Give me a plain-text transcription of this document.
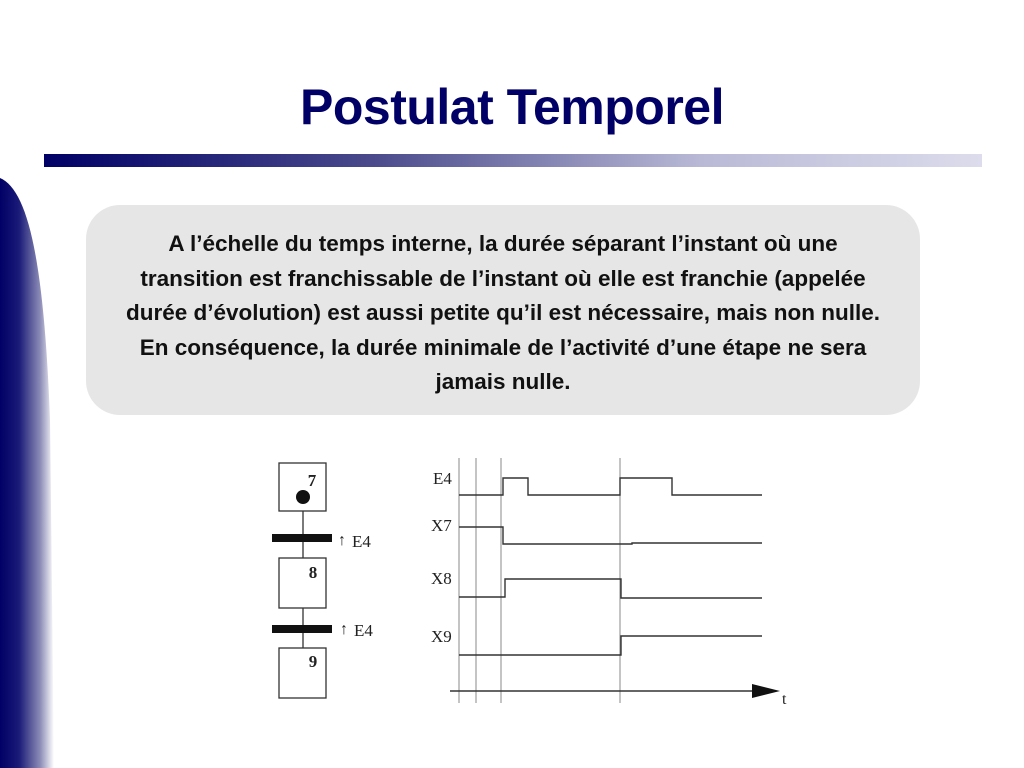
Postulat Temporel
A l’échelle du temps interne, la durée séparant l’instant où une transition est franchissable de l’instant où elle est franchie (appelée durée d’évolution) est aussi petite qu’il est nécessaire, mais non nulle. En conséquence, la durée minimale de l’activité d’une étape ne sera jamais nulle.
7
↑ E4
8
↑ E4
9
E4
X7
X8
X9
t
